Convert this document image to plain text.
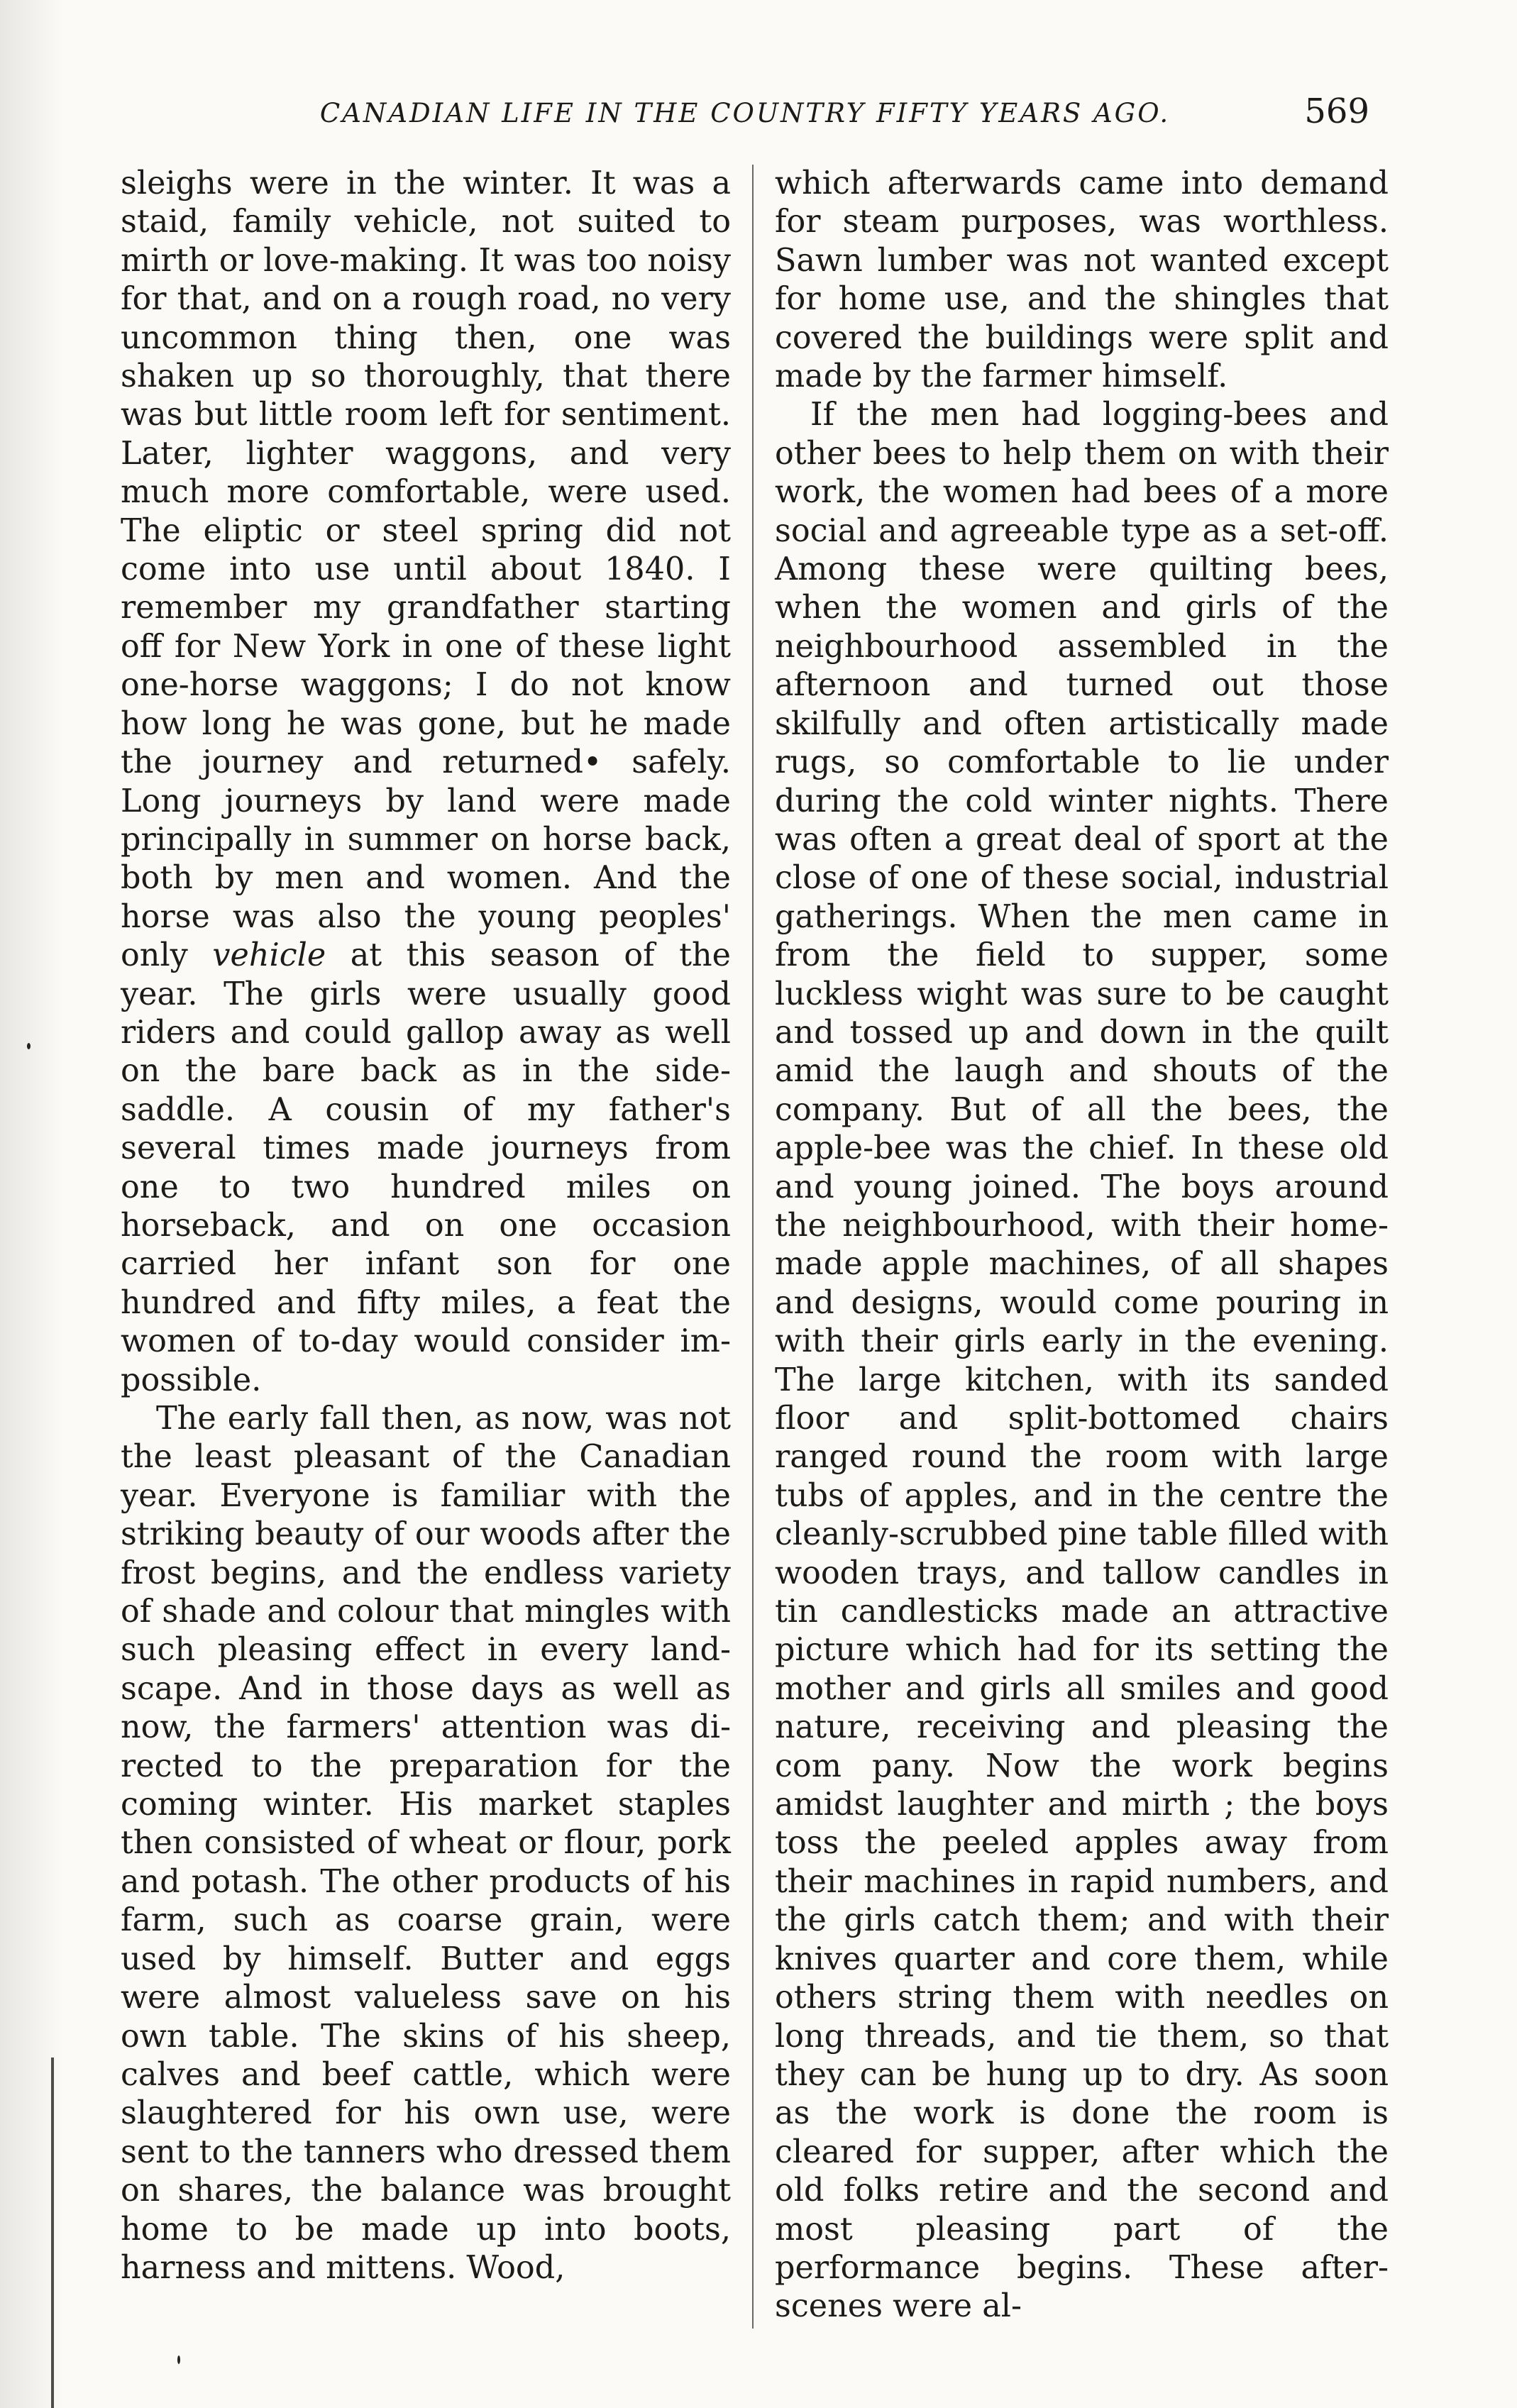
CANADIAN LIFE IN THE COUNTRY FIFTY YEARS AGO.	569

sleighs were in the winter. It was a staid, family vehicle, not suited to mirth or love-making. It was too noisy for that, and on a rough road, no very uncommon thing then, one was shaken up so thoroughly, that there was but little room left for sentiment. Later, lighter waggons, and very much more comfortable, were used. The eliptic or steel spring did not come into use until about 1840. I remember my grandfather starting off for New York in one of these light one-horse waggons; I do not know how long he was gone, but he made the journey and returned• safely. Long journeys by land were made principally in summer on horse back, both by men and women. And the horse was also the young peoples' only vehicle at this season of the year. The girls were usually good riders and could gallop away as well on the bare back as in the side-saddle. A cousin of my father's several times made journeys from one to two hundred miles on horseback, and on one occasion carried her infant son for one hundred and fifty miles, a feat the women of to-day would consider impossible.

The early fall then, as now, was not the least pleasant of the Canadian year. Everyone is familiar with the striking beauty of our woods after the frost begins, and the endless variety of shade and colour that mingles with such pleasing effect in every landscape. And in those days as well as now, the farmers' attention was directed to the preparation for the coming winter. His market staples then consisted of wheat or flour, pork and potash. The other products of his farm, such as coarse grain, were used by himself. Butter and eggs were almost valueless save on his own table. The skins of his sheep, calves and beef cattle, which were slaughtered for his own use, were sent to the tanners who dressed them on shares, the balance was brought home to be made up into boots, harness and mittens. Wood,

which afterwards came into demand for steam purposes, was worthless. Sawn lumber was not wanted except for home use, and the shingles that covered the buildings were split and made by the farmer himself.

If the men had logging-bees and other bees to help them on with their work, the women had bees of a more social and agreeable type as a set-off. Among these were quilting bees, when the women and girls of the neighbourhood assembled in the afternoon and turned out those skilfully and often artistically made rugs, so comfortable to lie under during the cold winter nights. There was often a great deal of sport at the close of one of these social, industrial gatherings. When the men came in from the field to supper, some luckless wight was sure to be caught and tossed up and down in the quilt amid the laugh and shouts of the company. But of all the bees, the apple-bee was the chief. In these old and young joined. The boys around the neighbourhood, with their home-made apple machines, of all shapes and designs, would come pouring in with their girls early in the evening. The large kitchen, with its sanded floor and split-bottomed chairs ranged round the room with large tubs of apples, and in the centre the cleanly-scrubbed pine table filled with wooden trays, and tallow candles in tin candlesticks made an attractive picture which had for its setting the mother and girls all smiles and good nature, receiving and pleasing the com pany. Now the work begins amidst laughter and mirth ; the boys toss the peeled apples away from their machines in rapid numbers, and the girls catch them; and with their knives quarter and core them, while others string them with needles on long threads, and tie them, so that they can be hung up to dry. As soon as the work is done the room is cleared for supper, after which the old folks retire and the second and most pleasing part of the performance begins. These after-scenes were al-
